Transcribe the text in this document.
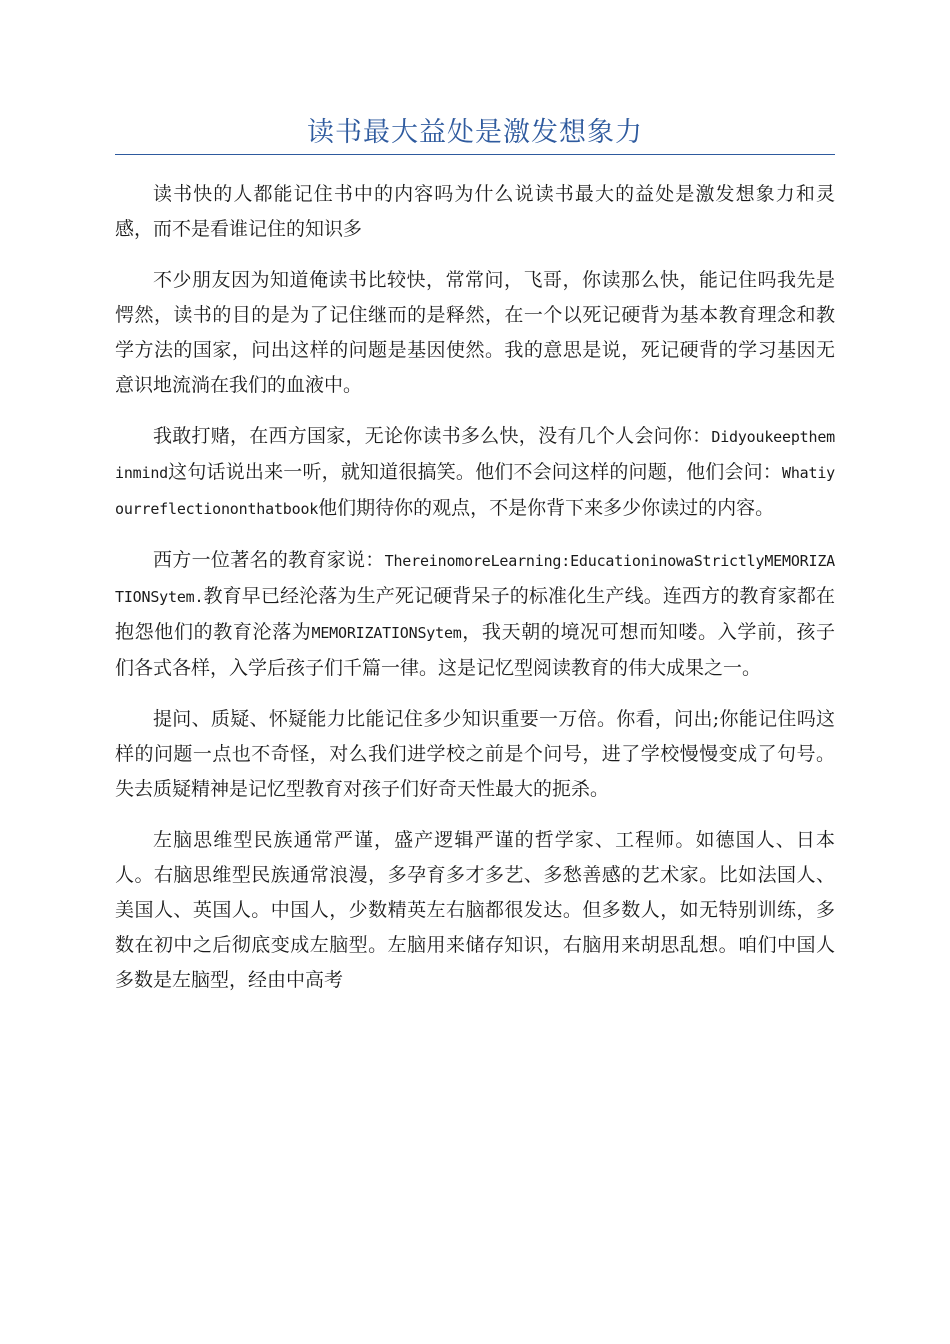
读书最大益处是激发想象力

读书快的人都能记住书中的内容吗为什么说读书最大的益处是激发想象力和灵感，而不是看谁记住的知识多

不少朋友因为知道俺读书比较快，常常问，飞哥，你读那么快，能记住吗我先是愕然，读书的目的是为了记住继而的是释然，在一个以死记硬背为基本教育理念和教学方法的国家，问出这样的问题是基因使然。我的意思是说，死记硬背的学习基因无意识地流淌在我们的血液中。

我敢打赌，在西方国家，无论你读书多么快，没有几个人会问你：Didyoukeeptheminmind这句话说出来一听，就知道很搞笑。他们不会问这样的问题，他们会问：Whatiyourreflectiononthatbook他们期待你的观点，不是你背下来多少你读过的内容。

西方一位著名的教育家说：ThereinomoreLearning:EducationinowaStrictlyMEMORIZATIONSytem.教育早已经沦落为生产死记硬背呆子的标准化生产线。连西方的教育家都在抱怨他们的教育沦落为MEMORIZATIONSytem，我天朝的境况可想而知喽。入学前，孩子们各式各样，入学后孩子们千篇一律。这是记忆型阅读教育的伟大成果之一。

提问、质疑、怀疑能力比能记住多少知识重要一万倍。你看，问出;你能记住吗这样的问题一点也不奇怪，对么我们进学校之前是个问号，进了学校慢慢变成了句号。失去质疑精神是记忆型教育对孩子们好奇天性最大的扼杀。

左脑思维型民族通常严谨，盛产逻辑严谨的哲学家、工程师。如德国人、日本人。右脑思维型民族通常浪漫，多孕育多才多艺、多愁善感的艺术家。比如法国人、美国人、英国人。中国人，少数精英左右脑都很发达。但多数人，如无特别训练，多数在初中之后彻底变成左脑型。左脑用来储存知识，右脑用来胡思乱想。咱们中国人多数是左脑型，经由中高考
